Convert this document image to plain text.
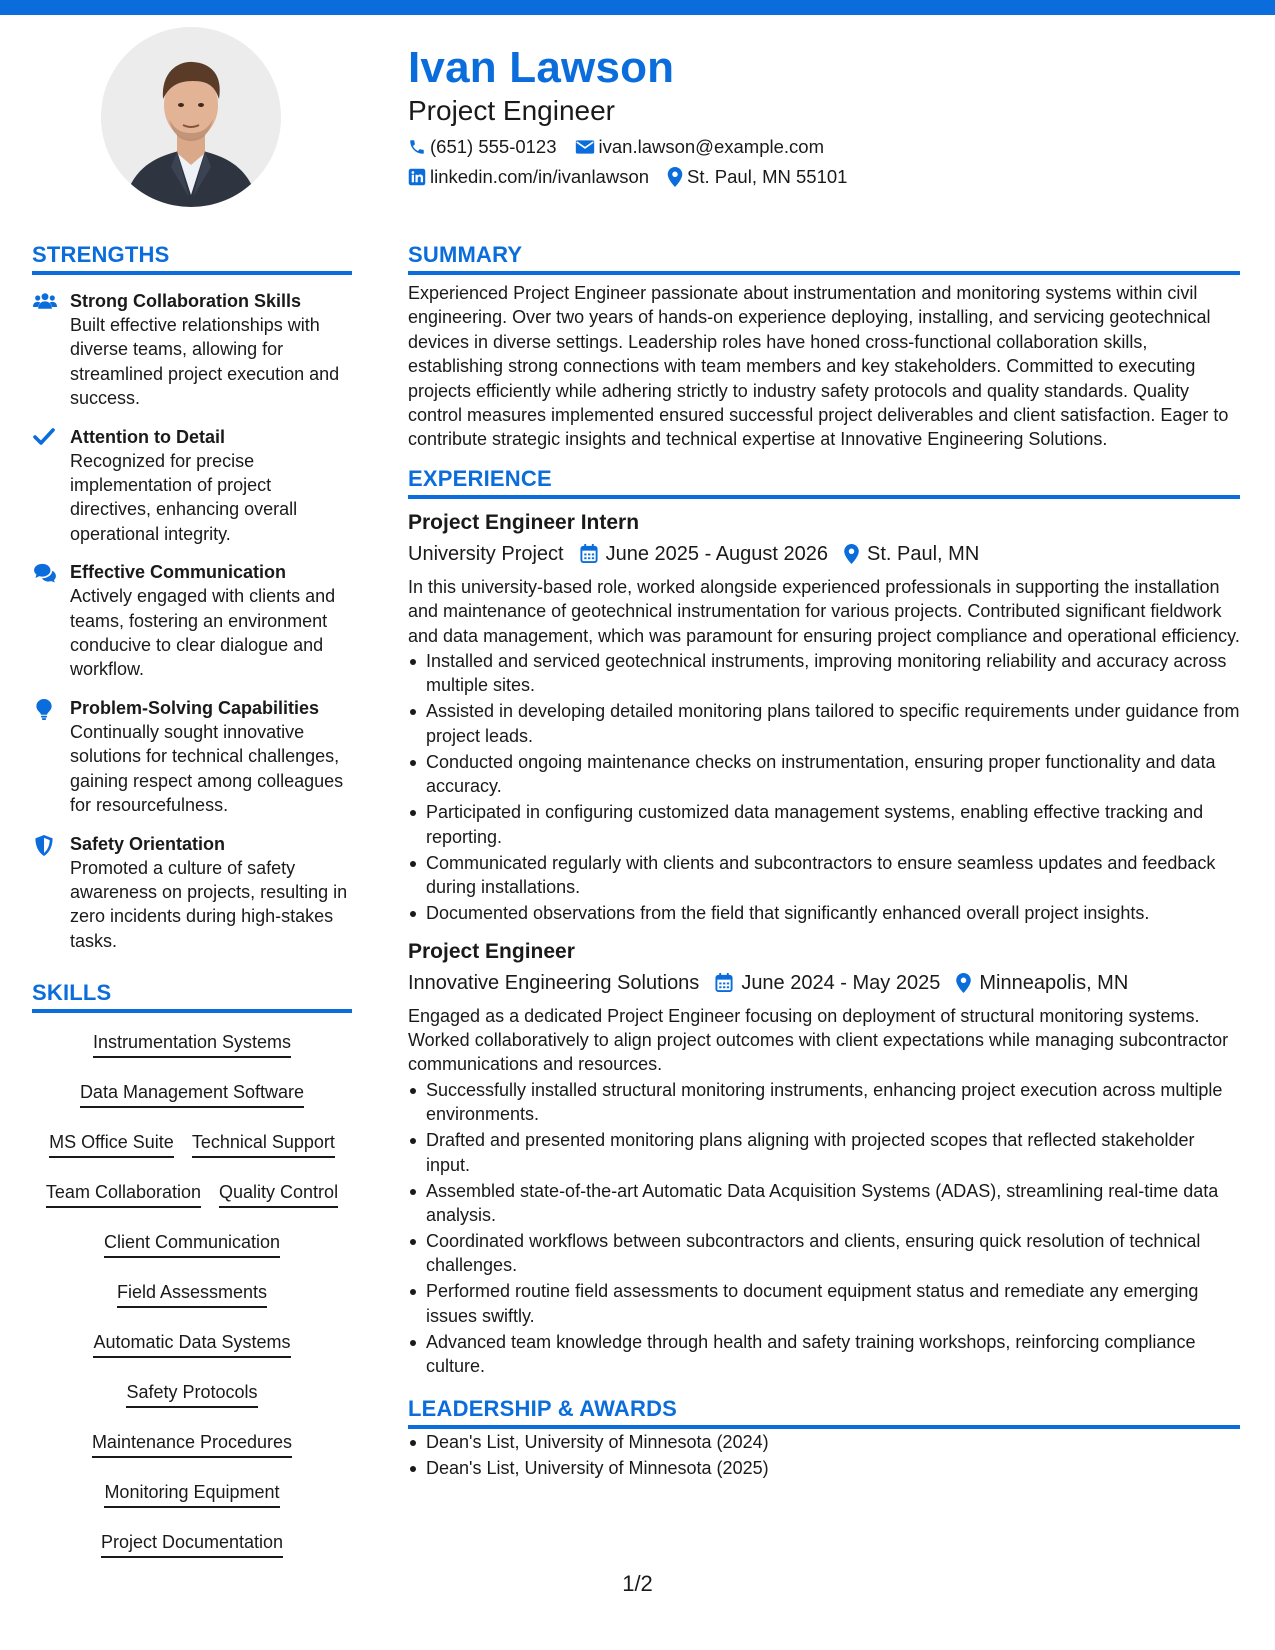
Ivan Lawson
Project Engineer
(651) 555-0123 ivan.lawson@example.com
linkedin.com/in/ivanlawson St. Paul, MN 55101
STRENGTHS
Strong Collaboration Skills
Built effective relationships with diverse teams, allowing for streamlined project execution and success.
Attention to Detail
Recognized for precise implementation of project directives, enhancing overall operational integrity.
Effective Communication
Actively engaged with clients and teams, fostering an environment conducive to clear dialogue and workflow.
Problem-Solving Capabilities
Continually sought innovative solutions for technical challenges, gaining respect among colleagues for resourcefulness.
Safety Orientation
Promoted a culture of safety awareness on projects, resulting in zero incidents during high-stakes tasks.
SKILLS
Instrumentation Systems
Data Management Software
MS Office Suite Technical Support
Team Collaboration Quality Control
Client Communication
Field Assessments
Automatic Data Systems
Safety Protocols
Maintenance Procedures
Monitoring Equipment
Project Documentation
SUMMARY
Experienced Project Engineer passionate about instrumentation and monitoring systems within civil engineering. Over two years of hands-on experience deploying, installing, and servicing geotechnical devices in diverse settings. Leadership roles have honed cross-functional collaboration skills, establishing strong connections with team members and key stakeholders. Committed to executing projects efficiently while adhering strictly to industry safety protocols and quality standards. Quality control measures implemented ensured successful project deliverables and client satisfaction. Eager to contribute strategic insights and technical expertise at Innovative Engineering Solutions.
EXPERIENCE
Project Engineer Intern
University Project June 2025 - August 2026 St. Paul, MN
In this university-based role, worked alongside experienced professionals in supporting the installation and maintenance of geotechnical instrumentation for various projects. Contributed significant fieldwork and data management, which was paramount for ensuring project compliance and operational efficiency.
Installed and serviced geotechnical instruments, improving monitoring reliability and accuracy across multiple sites.
Assisted in developing detailed monitoring plans tailored to specific requirements under guidance from project leads.
Conducted ongoing maintenance checks on instrumentation, ensuring proper functionality and data accuracy.
Participated in configuring customized data management systems, enabling effective tracking and reporting.
Communicated regularly with clients and subcontractors to ensure seamless updates and feedback during installations.
Documented observations from the field that significantly enhanced overall project insights.
Project Engineer
Innovative Engineering Solutions June 2024 - May 2025 Minneapolis, MN
Engaged as a dedicated Project Engineer focusing on deployment of structural monitoring systems. Worked collaboratively to align project outcomes with client expectations while managing subcontractor communications and resources.
Successfully installed structural monitoring instruments, enhancing project execution across multiple environments.
Drafted and presented monitoring plans aligning with projected scopes that reflected stakeholder input.
Assembled state-of-the-art Automatic Data Acquisition Systems (ADAS), streamlining real-time data analysis.
Coordinated workflows between subcontractors and clients, ensuring quick resolution of technical challenges.
Performed routine field assessments to document equipment status and remediate any emerging issues swiftly.
Advanced team knowledge through health and safety training workshops, reinforcing compliance culture.
LEADERSHIP & AWARDS
Dean's List, University of Minnesota (2024)
Dean's List, University of Minnesota (2025)
1/2
